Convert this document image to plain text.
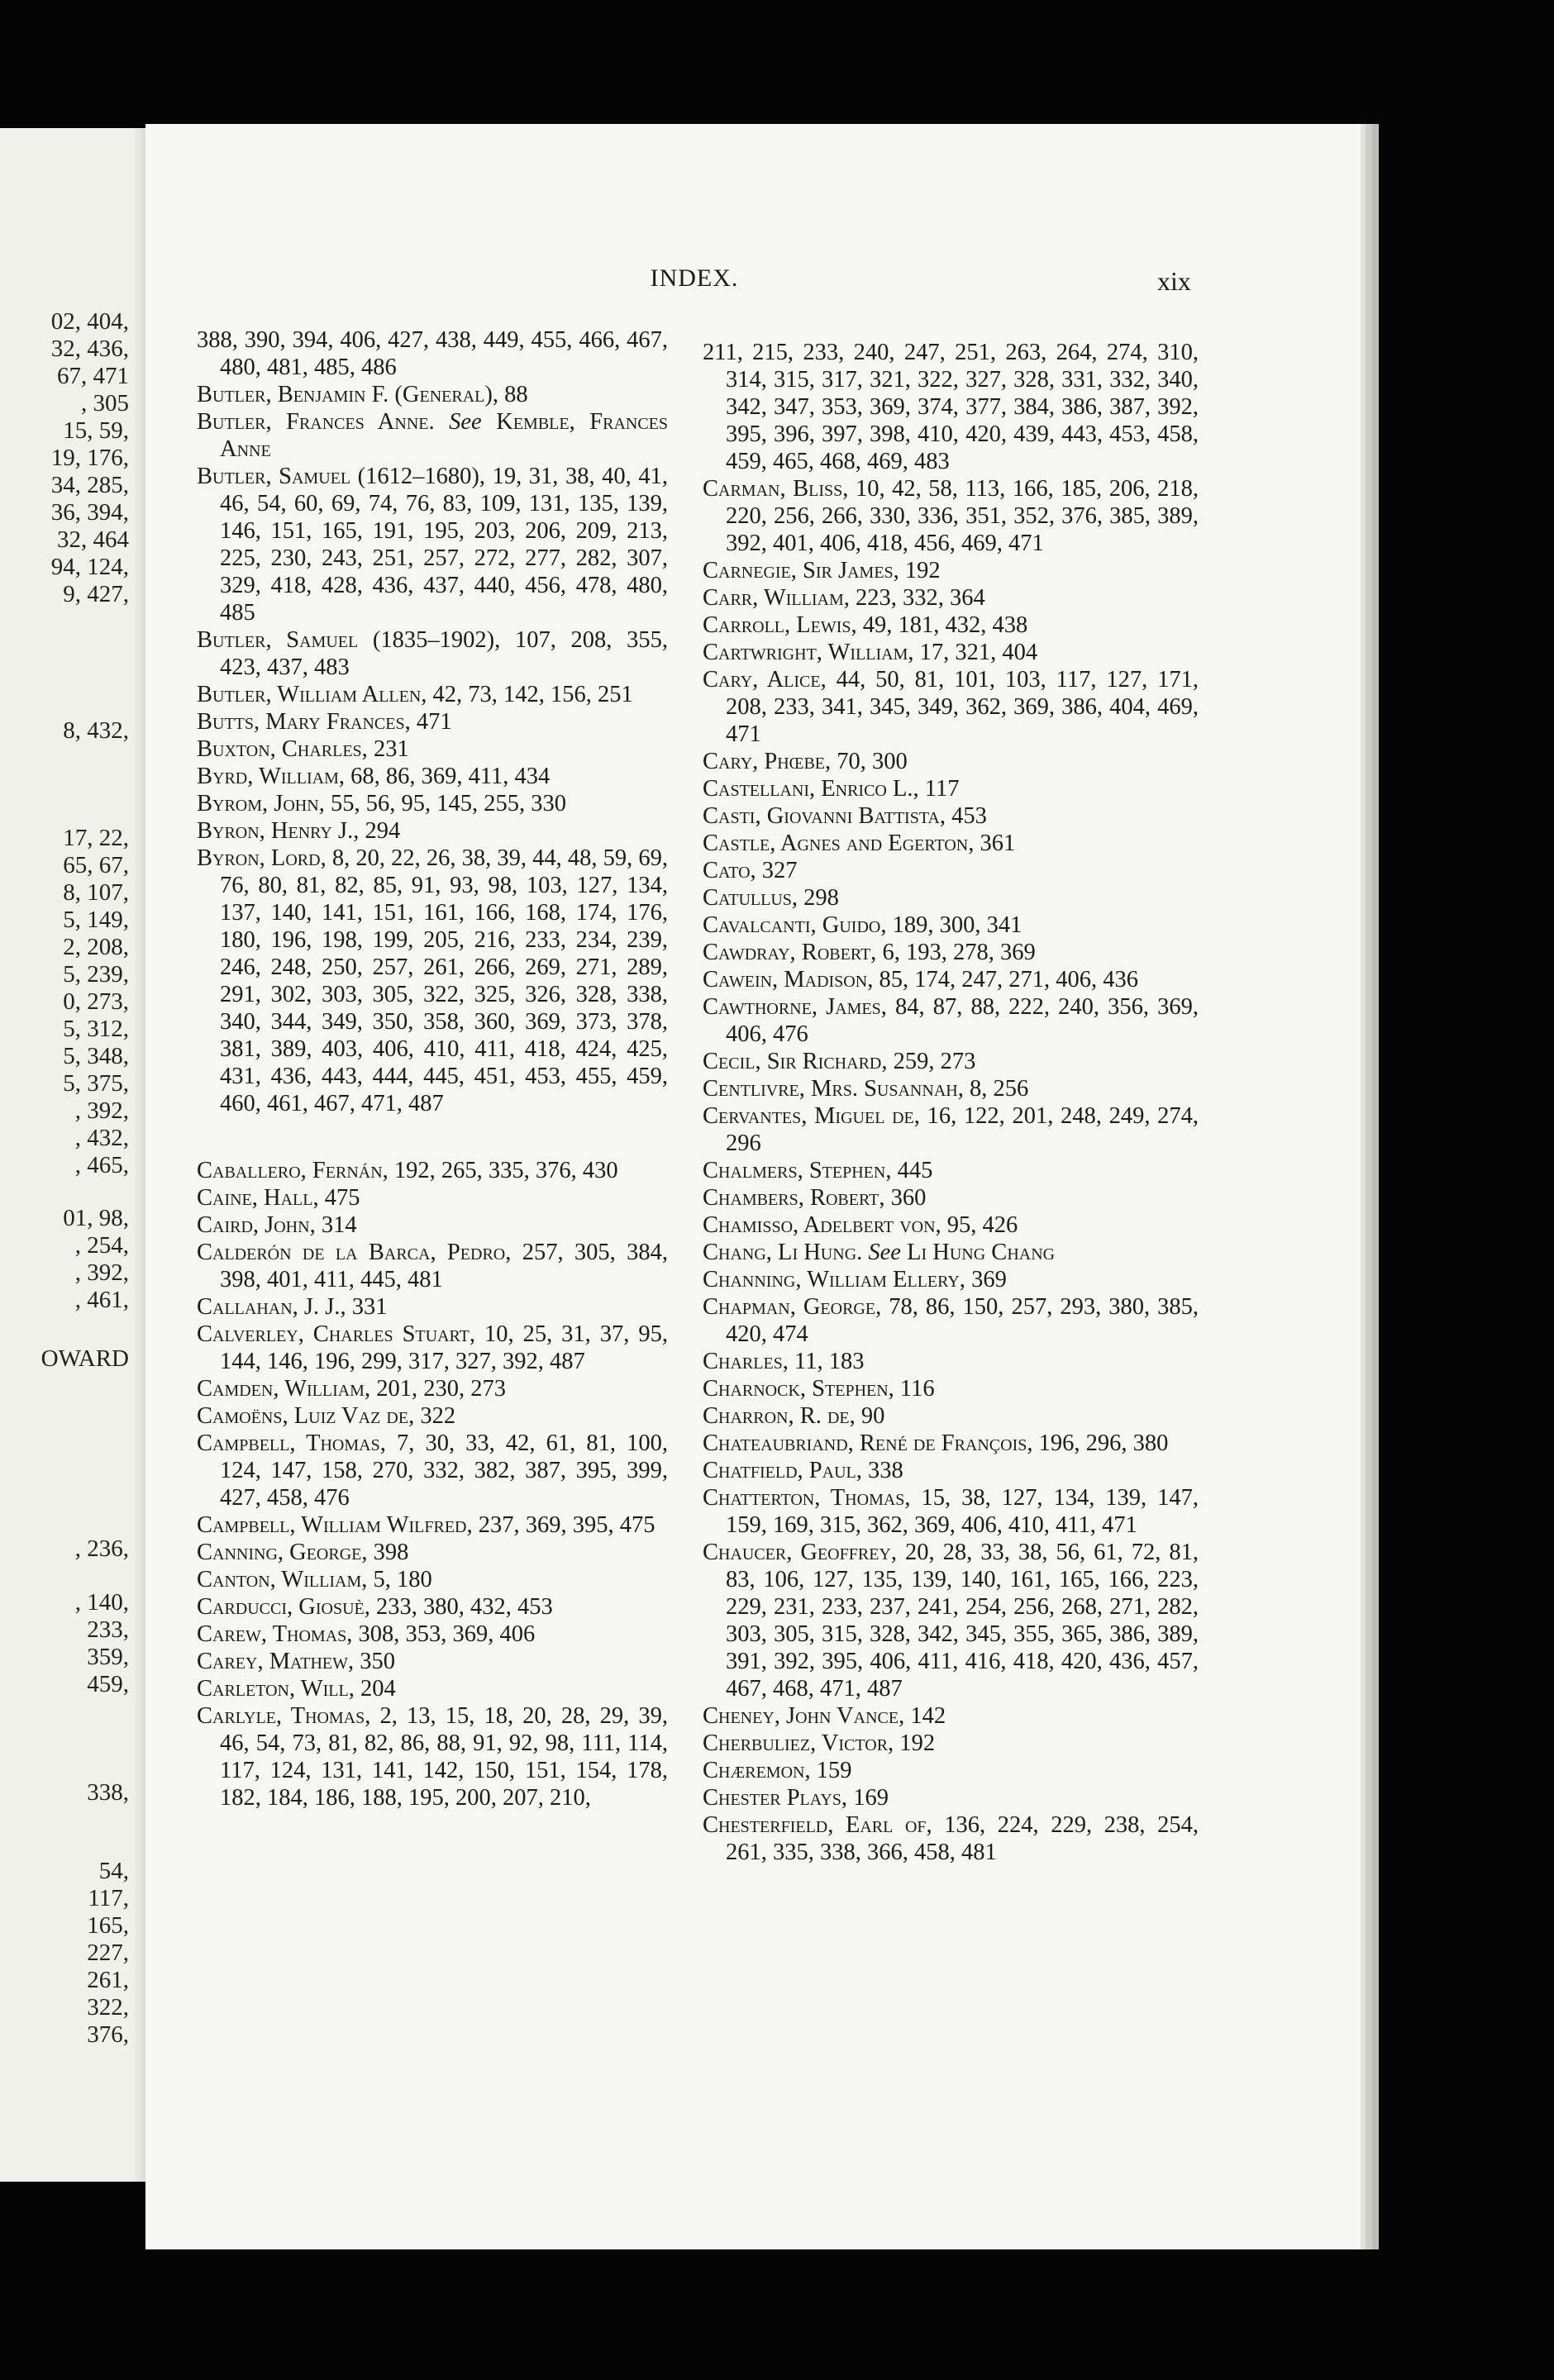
02, 404,

32, 436,

67, 471

, 305

15, 59,

19, 176,

34, 285,

36, 394,

32, 464

94, 124,

9, 427,

8, 432,

17, 22,

65, 67,

8, 107,

5, 149,

2, 208,

5, 239,

0, 273,

5, 312,

5, 348,

5, 375,

, 392,

, 432,

, 465,

01, 98,

, 254,

, 392,

, 461,

OWARD

, 236,

, 140,

233,

359,

459,

338,

54,

117,

165,

227,

261,

322,

376,

INDEX.	xix

388, 390, 394, 406, 427, 438, 449, 455, 466, 467, 480, 481, 485, 486

Butler, Benjamin F. (General), 88

Butler, Frances Anne. See Kemble, Frances Anne

Butler, Samuel (1612–1680), 19, 31, 38, 40, 41, 46, 54, 60, 69, 74, 76, 83, 109, 131, 135, 139, 146, 151, 165, 191, 195, 203, 206, 209, 213, 225, 230, 243, 251, 257, 272, 277, 282, 307, 329, 418, 428, 436, 437, 440, 456, 478, 480, 485

Butler, Samuel (1835–1902), 107, 208, 355, 423, 437, 483

Butler, William Allen, 42, 73, 142, 156, 251

Butts, Mary Frances, 471

Buxton, Charles, 231

Byrd, William, 68, 86, 369, 411, 434

Byrom, John, 55, 56, 95, 145, 255, 330

Byron, Henry J., 294

Byron, Lord, 8, 20, 22, 26, 38, 39, 44, 48, 59, 69, 76, 80, 81, 82, 85, 91, 93, 98, 103, 127, 134, 137, 140, 141, 151, 161, 166, 168, 174, 176, 180, 196, 198, 199, 205, 216, 233, 234, 239, 246, 248, 250, 257, 261, 266, 269, 271, 289, 291, 302, 303, 305, 322, 325, 326, 328, 338, 340, 344, 349, 350, 358, 360, 369, 373, 378, 381, 389, 403, 406, 410, 411, 418, 424, 425, 431, 436, 443, 444, 445, 451, 453, 455, 459, 460, 461, 467, 471, 487

Caballero, Fernán, 192, 265, 335, 376, 430

Caine, Hall, 475

Caird, John, 314

Calderón de la Barca, Pedro, 257, 305, 384, 398, 401, 411, 445, 481

Callahan, J. J., 331

Calverley, Charles Stuart, 10, 25, 31, 37, 95, 144, 146, 196, 299, 317, 327, 392, 487

Camden, William, 201, 230, 273

Camoëns, Luiz Vaz de, 322

Campbell, Thomas, 7, 30, 33, 42, 61, 81, 100, 124, 147, 158, 270, 332, 382, 387, 395, 399, 427, 458, 476

Campbell, William Wilfred, 237, 369, 395, 475

Canning, George, 398

Canton, William, 5, 180

Carducci, Giosuè, 233, 380, 432, 453

Carew, Thomas, 308, 353, 369, 406

Carey, Mathew, 350

Carleton, Will, 204

Carlyle, Thomas, 2, 13, 15, 18, 20, 28, 29, 39, 46, 54, 73, 81, 82, 86, 88, 91, 92, 98, 111, 114, 117, 124, 131, 141, 142, 150, 151, 154, 178, 182, 184, 186, 188, 195, 200, 207, 210,

211, 215, 233, 240, 247, 251, 263, 264, 274, 310, 314, 315, 317, 321, 322, 327, 328, 331, 332, 340, 342, 347, 353, 369, 374, 377, 384, 386, 387, 392, 395, 396, 397, 398, 410, 420, 439, 443, 453, 458, 459, 465, 468, 469, 483

Carman, Bliss, 10, 42, 58, 113, 166, 185, 206, 218, 220, 256, 266, 330, 336, 351, 352, 376, 385, 389, 392, 401, 406, 418, 456, 469, 471

Carnegie, Sir James, 192

Carr, William, 223, 332, 364

Carroll, Lewis, 49, 181, 432, 438

Cartwright, William, 17, 321, 404

Cary, Alice, 44, 50, 81, 101, 103, 117, 127, 171, 208, 233, 341, 345, 349, 362, 369, 386, 404, 469, 471

Cary, Phœbe, 70, 300

Castellani, Enrico L., 117

Casti, Giovanni Battista, 453

Castle, Agnes and Egerton, 361

Cato, 327

Catullus, 298

Cavalcanti, Guido, 189, 300, 341

Cawdray, Robert, 6, 193, 278, 369

Cawein, Madison, 85, 174, 247, 271, 406, 436

Cawthorne, James, 84, 87, 88, 222, 240, 356, 369, 406, 476

Cecil, Sir Richard, 259, 273

Centlivre, Mrs. Susannah, 8, 256

Cervantes, Miguel de, 16, 122, 201, 248, 249, 274, 296

Chalmers, Stephen, 445

Chambers, Robert, 360

Chamisso, Adelbert von, 95, 426

Chang, Li Hung. See Li Hung Chang

Channing, William Ellery, 369

Chapman, George, 78, 86, 150, 257, 293, 380, 385, 420, 474

Charles, 11, 183

Charnock, Stephen, 116

Charron, R. de, 90

Chateaubriand, René de François, 196, 296, 380

Chatfield, Paul, 338

Chatterton, Thomas, 15, 38, 127, 134, 139, 147, 159, 169, 315, 362, 369, 406, 410, 411, 471

Chaucer, Geoffrey, 20, 28, 33, 38, 56, 61, 72, 81, 83, 106, 127, 135, 139, 140, 161, 165, 166, 223, 229, 231, 233, 237, 241, 254, 256, 268, 271, 282, 303, 305, 315, 328, 342, 345, 355, 365, 386, 389, 391, 392, 395, 406, 411, 416, 418, 420, 436, 457, 467, 468, 471, 487

Cheney, John Vance, 142

Cherbuliez, Victor, 192

Chæremon, 159

Chester Plays, 169

Chesterfield, Earl of, 136, 224, 229, 238, 254, 261, 335, 338, 366, 458, 481
